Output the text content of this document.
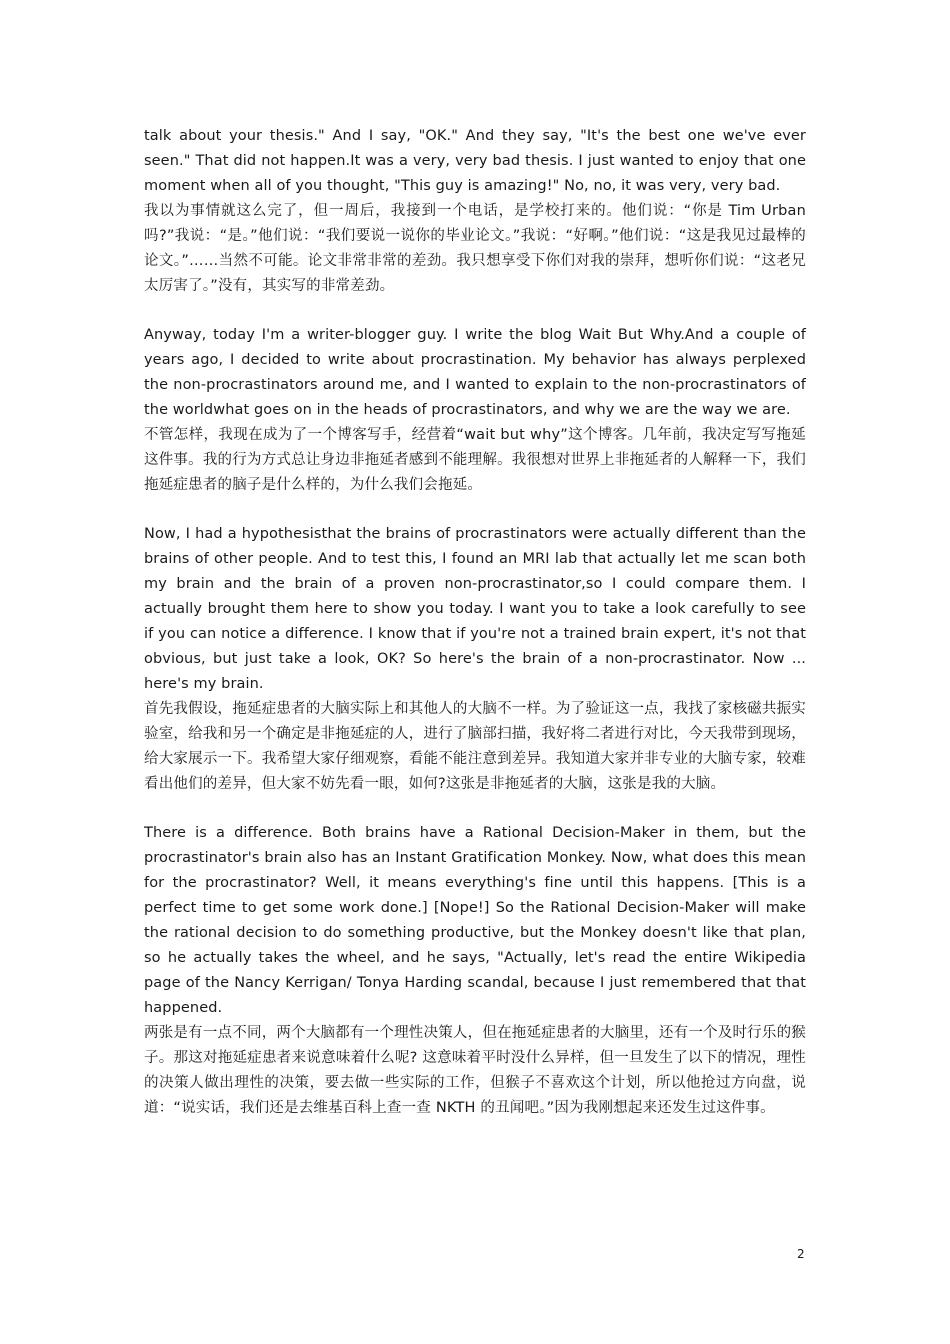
talk about your thesis." And I say, "OK." And they say, "It's the best one we've ever seen." That did not happen.It was a very, very bad thesis. I just wanted to enjoy that one moment when all of you thought, "This guy is amazing!" No, no, it was very, very bad.

我以为事情就这么完了，但一周后，我接到一个电话，是学校打来的。他们说：“你是 Tim Urban 吗?”我说：“是。”他们说：“我们要说一说你的毕业论文。”我说：“好啊。”他们说：“这是我见过最棒的论文。”……当然不可能。论文非常非常的差劲。我只想享受下你们对我的崇拜，想听你们说：“这老兄太厉害了。”没有，其实写的非常差劲。

Anyway, today I'm a writer-blogger guy. I write the blog Wait But Why.And a couple of years ago, I decided to write about procrastination. My behavior has always perplexed the non-procrastinators around me, and I wanted to explain to the non-procrastinators of the worldwhat goes on in the heads of procrastinators, and why we are the way we are.

不管怎样，我现在成为了一个博客写手，经营着“wait but why”这个博客。几年前，我决定写写拖延这件事。我的行为方式总让身边非拖延者感到不能理解。我很想对世界上非拖延者的人解释一下，我们拖延症患者的脑子是什么样的，为什么我们会拖延。

Now, I had a hypothesisthat the brains of procrastinators were actually different than the brains of other people. And to test this, I found an MRI lab that actually let me scan both my brain and the brain of a proven non-procrastinator,so I could compare them. I actually brought them here to show you today. I want you to take a look carefully to see if you can notice a difference. I know that if you're not a trained brain expert, it's not that obvious, but just take a look, OK? So here's the brain of a non-procrastinator. Now ... here's my brain.

首先我假设，拖延症患者的大脑实际上和其他人的大脑不一样。为了验证这一点，我找了家核磁共振实验室，给我和另一个确定是非拖延症的人，进行了脑部扫描，我好将二者进行对比，今天我带到现场，给大家展示一下。我希望大家仔细观察，看能不能注意到差异。我知道大家并非专业的大脑专家，较难看出他们的差异，但大家不妨先看一眼，如何?这张是非拖延者的大脑，这张是我的大脑。

There is a difference. Both brains have a Rational Decision-Maker in them, but the procrastinator's brain also has an Instant Gratification Monkey. Now, what does this mean for the procrastinator? Well, it means everything's fine until this happens. [This is a perfect time to get some work done.] [Nope!] So the Rational Decision-Maker will make the rational decision to do something productive, but the Monkey doesn't like that plan, so he actually takes the wheel, and he says, "Actually, let's read the entire Wikipedia page of the Nancy Kerrigan/ Tonya Harding scandal, because I just remembered that that happened.

两张是有一点不同，两个大脑都有一个理性决策人，但在拖延症患者的大脑里，还有一个及时行乐的猴子。那这对拖延症患者来说意味着什么呢? 这意味着平时没什么异样，但一旦发生了以下的情况，理性的决策人做出理性的决策，要去做一些实际的工作，但猴子不喜欢这个计划，所以他抢过方向盘，说道：“说实话，我们还是去维基百科上查一查 NKTH 的丑闻吧。”因为我刚想起来还发生过这件事。

2
